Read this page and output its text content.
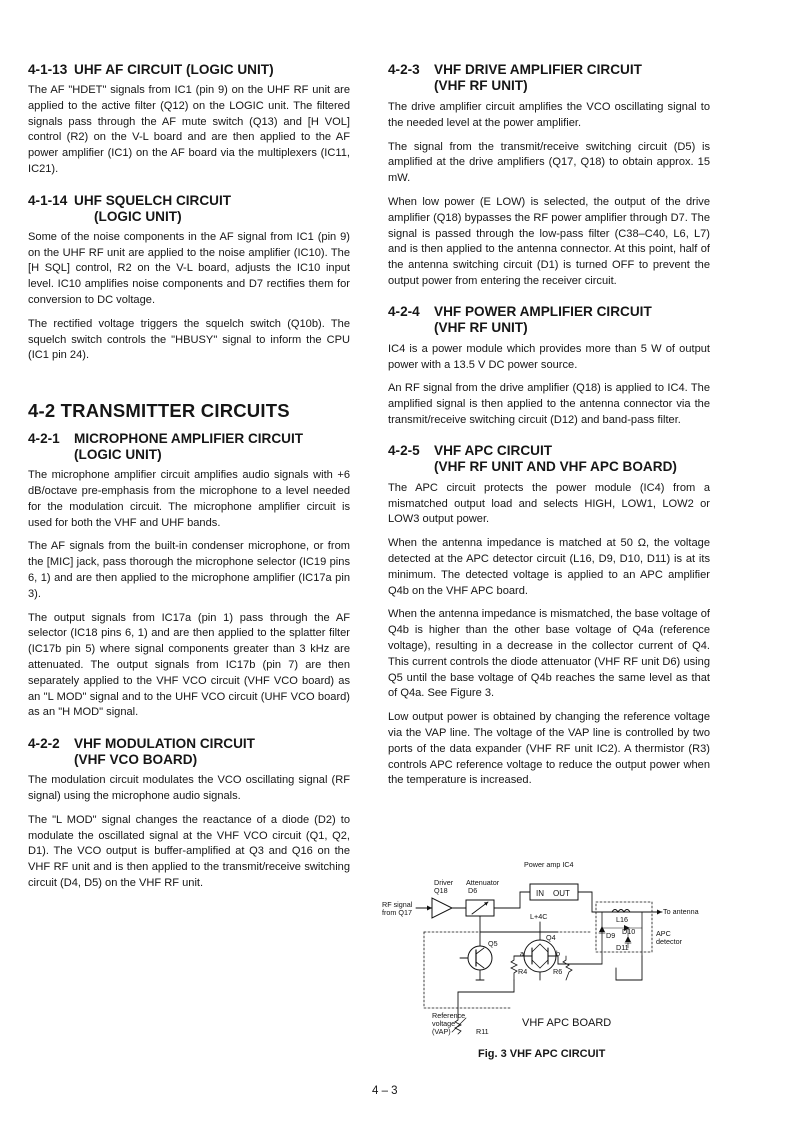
4-1-13 UHF AF CIRCUIT (LOGIC UNIT)

The AF "HDET" signals from IC1 (pin 9) on the UHF RF unit are applied to the active filter (Q12) on the LOGIC unit. The filtered signals pass through the AF mute switch (Q13) and [H VOL] control (R2) on the V-L board and are then applied to the AF power amplifier (IC1) on the AF board via the multiplexers (IC11, IC21).

4-1-14 UHF SQUELCH CIRCUIT
(LOGIC UNIT)

Some of the noise components in the AF signal from IC1 (pin 9) on the UHF RF unit are applied to the noise amplifier (IC10). The [H SQL] control, R2 on the V-L board, adjusts the IC10 input level. IC10 amplifies noise components and D7 rectifies them for conversion to DC voltage.

The rectified voltage triggers the squelch switch (Q10b). The squelch switch controls the "HBUSY" signal to inform the CPU (IC1 pin 24).

4-2 TRANSMITTER CIRCUITS
4-2-1	MICROPHONE AMPLIFIER CIRCUIT
(LOGIC UNIT)

The microphone amplifier circuit amplifies audio signals with +6 dB/octave pre-emphasis from the microphone to a level needed for the modulation circuit. The microphone amplifier circuit is used for both the VHF and UHF bands.

The AF signals from the built-in condenser microphone, or from the [MIC] jack, pass thorough the microphone selector (IC19 pins 6, 1) and are then applied to the microphone amplifier (IC17a pin 3).

The output signals from IC17a (pin 1) pass through the AF selector (IC18 pins 6, 1) and are then applied to the splatter filter (IC17b pin 5) where signal components greater than 3 kHz are attenuated. The output signals from IC17b (pin 7) are then separately applied to the VHF VCO circuit (VHF VCO board) as an "L MOD" signal and to the UHF VCO circuit (UHF VCO board) as an "H MOD" signal.

4-2-2	VHF MODULATION CIRCUIT
(VHF VCO BOARD)

The modulation circuit modulates the VCO oscillating signal (RF signal) using the microphone audio signals.

The "L MOD" signal changes the reactance of a diode (D2) to modulate the oscillated signal at the VHF VCO circuit (Q1, Q2, D1). The VCO output is buffer-amplified at Q3 and Q16 on the VHF RF unit and is then applied to the transmit/receive switching circuit (D4, D5) on the VHF RF unit.

4-2-3	VHF DRIVE AMPLIFIER CIRCUIT
(VHF RF UNIT)

The drive amplifier circuit amplifies the VCO oscillating signal to the needed level at the power amplifier.

The signal from the transmit/receive switching circuit (D5) is amplified at the drive amplifiers (Q17, Q18) to obtain approx. 15 mW.

When low power (E LOW) is selected, the output of the drive amplifier (Q18) bypasses the RF power amplifier through D7. The signal is passed through the low-pass filter (C38–C40, L6, L7) and is then applied to the antenna connector. At this point, half of the antenna switching circuit (D1) is turned OFF to prevent the output power from entering the receiver circuit.

4-2-4	VHF POWER AMPLIFIER CIRCUIT
(VHF RF UNIT)

IC4 is a power module which provides more than 5 W of output power with a 13.5 V DC power source.

An RF signal from the drive amplifier (Q18) is applied to IC4. The amplified signal is then applied to the antenna connector via the transmit/receive switching circuit (D12) and band-pass filter.

4-2-5	VHF APC CIRCUIT
(VHF RF UNIT AND VHF APC BOARD)

The APC circuit protects the power module (IC4) from a mismatched output load and selects HIGH, LOW1, LOW2 or LOW3 output power.

When the antenna impedance is matched at 50 Ω, the voltage detected at the APC detector circuit (L16, D9, D10, D11) is at its minimum. The detected voltage is applied to an APC amplifier Q4b on the VHF APC board.

When the antenna impedance is mismatched, the base voltage of Q4b is higher than the other base voltage of Q4a (reference voltage), resulting in a decrease in the collector current of Q4. This current controls the diode attenuator (VHF RF unit D6) using Q5 until the base voltage of Q4b reaches the same level as that of Q4a. See Figure 3.

Low output power is obtained by changing the reference voltage via the VAP line. The voltage of the VAP line is controlled by two ports of the data expander (VHF RF unit IC2). A thermistor (R3) controls APC reference voltage to reduce the output power when the temperature is increased.

Power amp IC4
IN OUT
Driver
Q18
Attenuator
D6
RF signal
from Q17	To antenna
L16
APC
detector
D9 D10
D11
L+4C
Q5
Q4
a	b
R4	R6
Reference
voltage
(VAP)	R11
VHF APC BOARD
Fig. 3 VHF APC CIRCUIT
4 – 3
